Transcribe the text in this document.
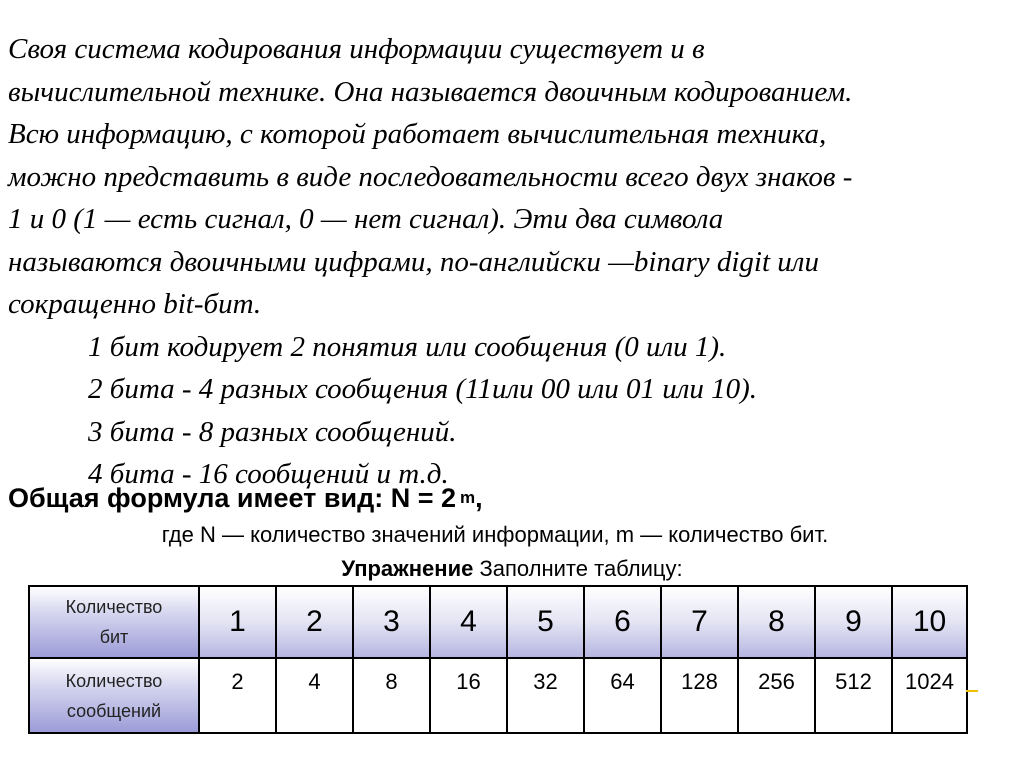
Своя система кодирования информации существует и в
вычислительной технике. Она называется двоичным кодированием.
Всю информацию, с которой работает вычислительная техника,
можно представить в виде последовательности всего двух знаков -
1 и 0 (1 — есть сигнал, 0 — нет сигнал). Эти два символа
называются двоичными цифрами, по-английски —binary digit или
сокращенно bit-бит.
1 бит кодирует 2 понятия или сообщения (0 или 1).
2 бита - 4 разных сообщения (11или 00 или 01 или 10).
3 бита - 8 разных сообщений.
4 бита - 16 сообщений и т.д.
Общая формула имеет вид: N = 2 $^m$,
где N — количество значений информации, m — количество бит.
Упражнение Заполните таблицу:
Количество
бит	1	2	3	4	5	6	7	8	9	10
Количество
сообщений	2	4	8	16	32	64	128	256	512	1024
